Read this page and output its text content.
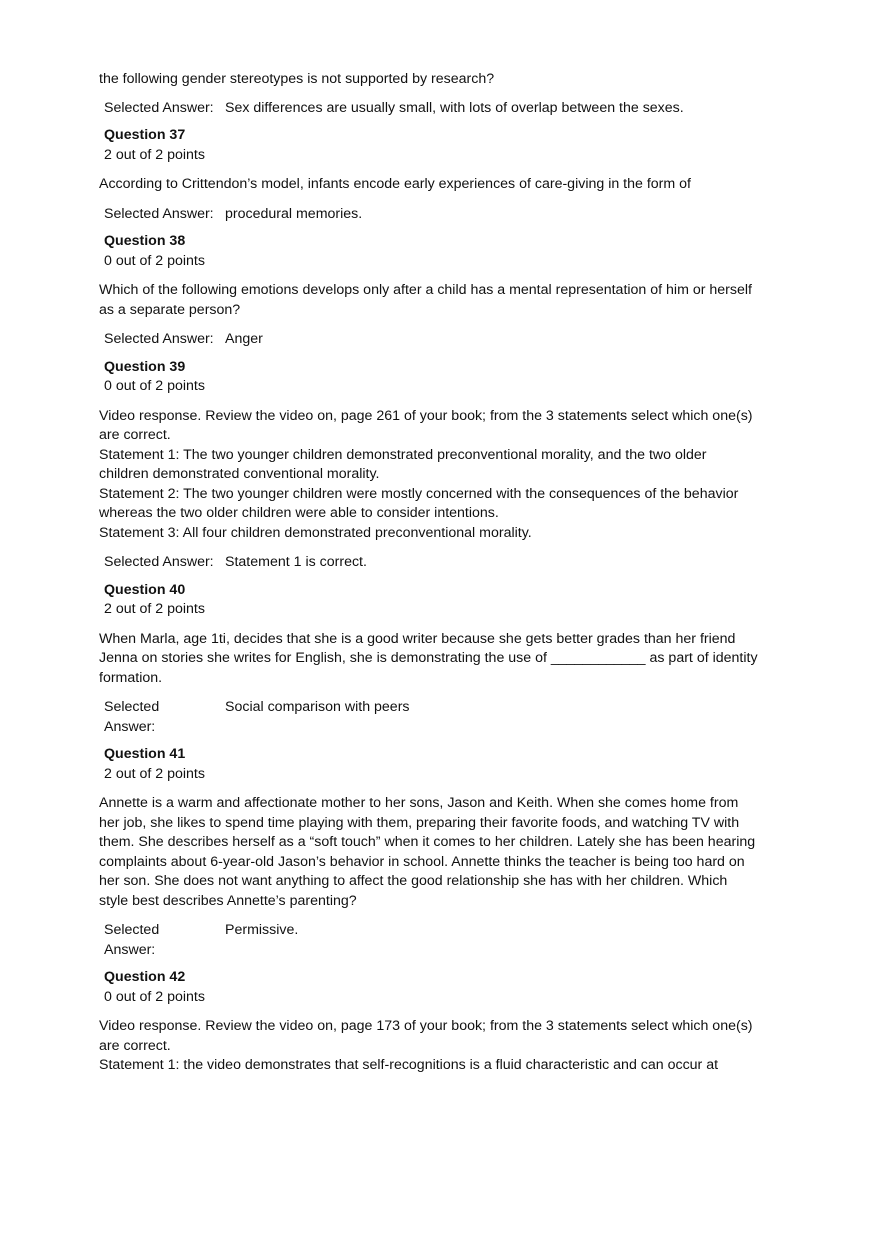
the following gender stereotypes is not supported by research?
Selected Answer: Sex differences are usually small, with lots of overlap between the sexes.
Question 37
2 out of 2 points

According to Crittendon’s model, infants encode early experiences of care-giving in the form of

Selected Answer: procedural memories.
Question 38
0 out of 2 points

Which of the following emotions develops only after a child has a mental representation of him or herself as a separate person?

Selected Answer: Anger
Question 39
0 out of 2 points

Video response. Review the video on, page 261 of your book; from the 3 statements select which one(s) are correct.

Statement 1: The two younger children demonstrated preconventional morality, and the two older children demonstrated conventional morality.

Statement 2: The two younger children were mostly concerned with the consequences of the behavior whereas the two older children were able to consider intentions.

Statement 3: All four children demonstrated preconventional morality.

Selected Answer: Statement 1 is correct.
Question 40
2 out of 2 points

When Marla, age 1ti, decides that she is a good writer because she gets better grades than her friend Jenna on stories she writes for English, she is demonstrating the use of ____________ as part of identity formation.

Selected
Answer:
Social comparison with peers
Question 41
2 out of 2 points

Annette is a warm and affectionate mother to her sons, Jason and Keith. When she comes home from her job, she likes to spend time playing with them, preparing their favorite foods, and watching TV with them. She describes herself as a “soft touch” when it comes to her children. Lately she has been hearing complaints about 6-year-old Jason’s behavior in school. Annette thinks the teacher is being too hard on her son. She does not want anything to affect the good relationship she has with her children. Which style best describes Annette’s parenting?

Selected
Answer:
Permissive.
Question 42
0 out of 2 points

Video response. Review the video on, page 173 of your book; from the 3 statements select which one(s) are correct.

Statement 1: the video demonstrates that self-recognitions is a fluid characteristic and can occur at
